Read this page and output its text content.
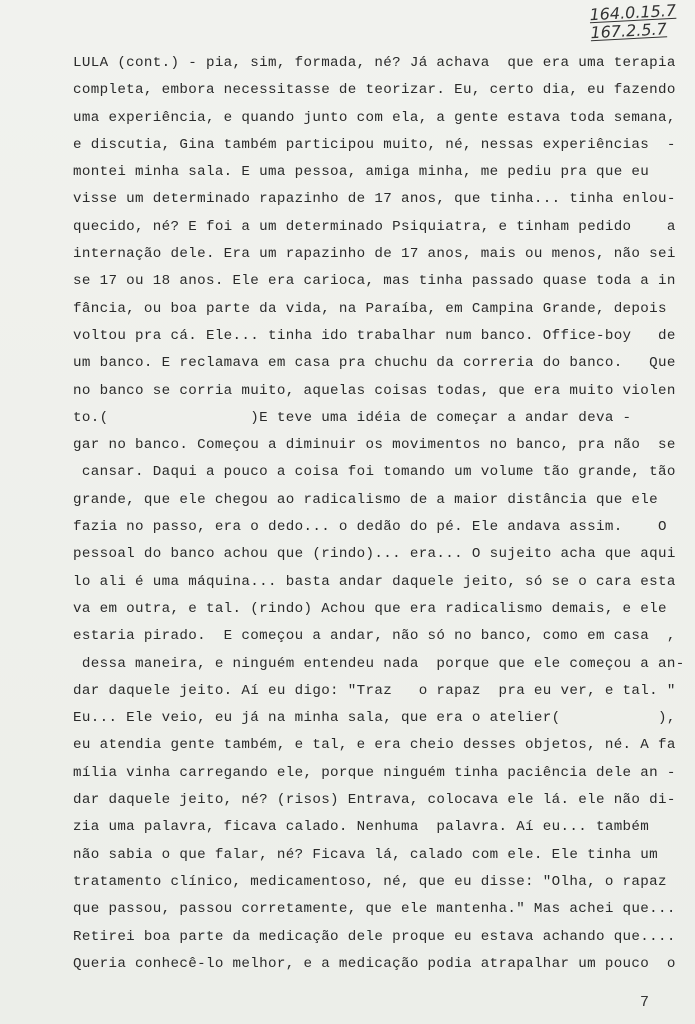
164.0.15.7
167.2.5.7
LULA (cont.) - pia, sim, formada, né? Já achava  que era uma terapia
completa, embora necessitasse de teorizar. Eu, certo dia, eu fazendo
uma experiência, e quando junto com ela, a gente estava toda semana,
e discutia, Gina também participou muito, né, nessas experiências  -
montei minha sala. E uma pessoa, amiga minha, me pediu pra que eu
visse um determinado rapazinho de 17 anos, que tinha... tinha enlou-
quecido, né? E foi a um determinado Psiquiatra, e tinham pedido    a
internação dele. Era um rapazinho de 17 anos, mais ou menos, não sei
se 17 ou 18 anos. Ele era carioca, mas tinha passado quase toda a in
fância, ou boa parte da vida, na Paraíba, em Campina Grande, depois
voltou pra cá. Ele... tinha ido trabalhar num banco. Office-boy   de
um banco. E reclamava em casa pra chuchu da correria do banco.   Que
no banco se corria muito, aquelas coisas todas, que era muito violen
to.(                )E teve uma idéia de começar a andar deva -
gar no banco. Começou a diminuir os movimentos no banco, pra não  se
cansar. Daqui a pouco a coisa foi tomando um volume tão grande, tão
grande, que ele chegou ao radicalismo de a maior distância que ele
fazia no passo, era o dedo... o dedão do pé. Ele andava assim.    O
pessoal do banco achou que (rindo)... era... O sujeito acha que aqui
lo ali é uma máquina... basta andar daquele jeito, só se o cara esta
va em outra, e tal. (rindo) Achou que era radicalismo demais, e ele
estaria pirado.  E começou a andar, não só no banco, como em casa  ,
dessa maneira, e ninguém entendeu nada  porque que ele começou a an-
dar daquele jeito. Aí eu digo: "Traz   o rapaz  pra eu ver, e tal. "
Eu... Ele veio, eu já na minha sala, que era o atelier(           ),
eu atendia gente também, e tal, e era cheio desses objetos, né. A fa
mília vinha carregando ele, porque ninguém tinha paciência dele an -
dar daquele jeito, né? (risos) Entrava, colocava ele lá. ele não di-
zia uma palavra, ficava calado. Nenhuma  palavra. Aí eu... também
não sabia o que falar, né? Ficava lá, calado com ele. Ele tinha um
tratamento clínico, medicamentoso, né, que eu disse: "Olha, o rapaz
que passou, passou corretamente, que ele mantenha." Mas achei que...
Retirei boa parte da medicação dele proque eu estava achando que....
Queria conhecê-lo melhor, e a medicação podia atrapalhar um pouco  o
7
